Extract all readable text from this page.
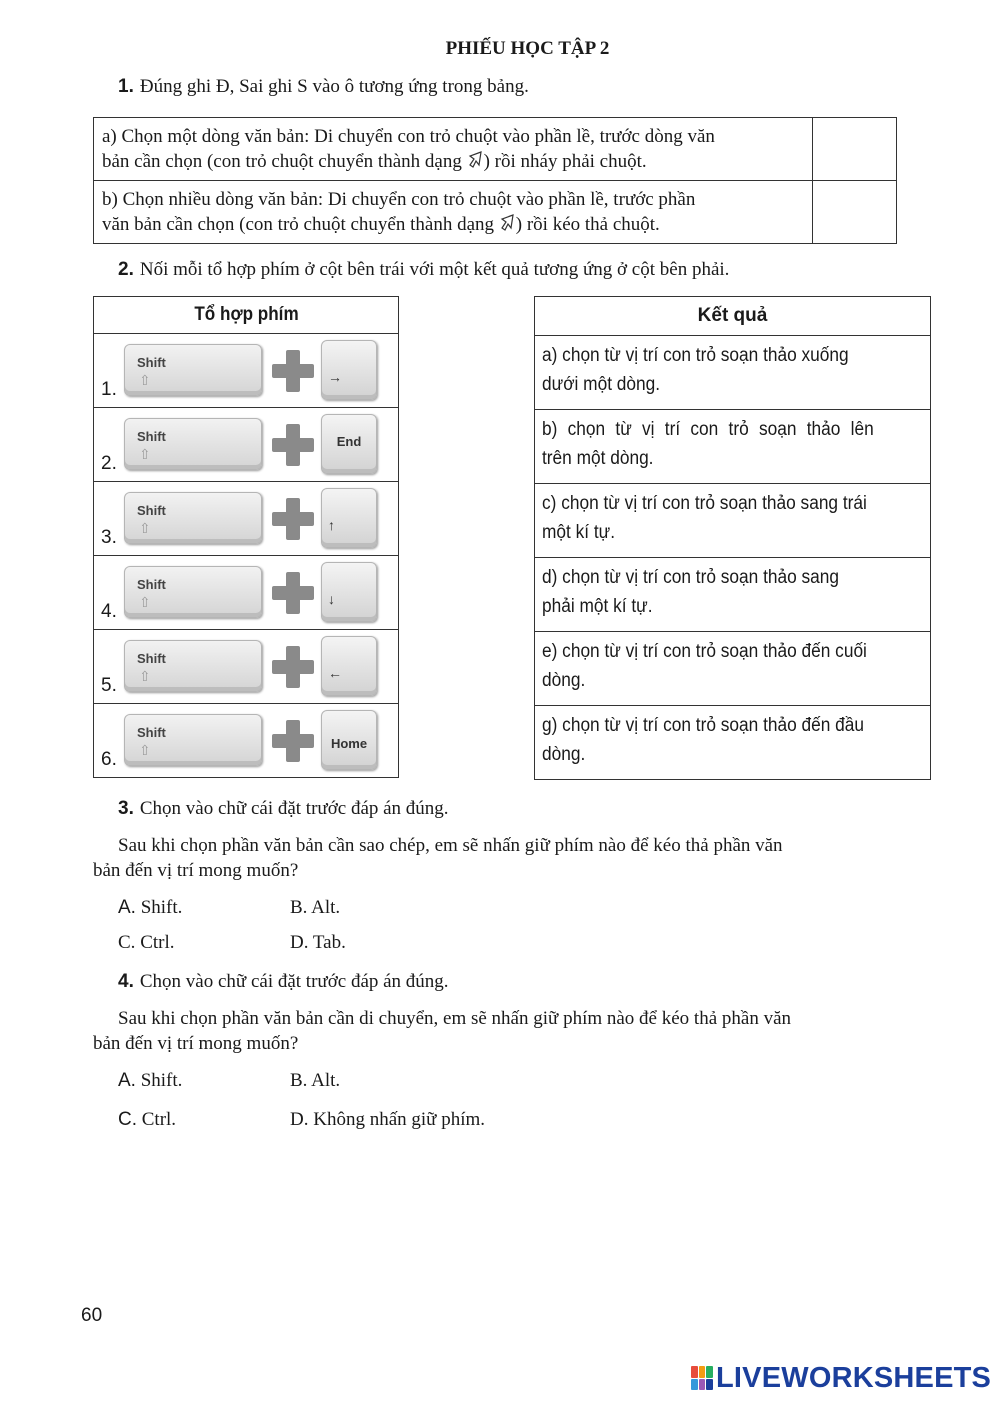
PHIẾU HỌC TẬP 2
1. Đúng ghi Đ, Sai ghi S vào ô tương ứng trong bảng.
a) Chọn một dòng văn bản: Di chuyển con trỏ chuột vào phần lề, trước dòng văn
bản cần chọn (con trỏ chuột chuyển thành dạng ) rồi nháy phải chuột.	
b) Chọn nhiều dòng văn bản: Di chuyển con trỏ chuột vào phần lề, trước phần
văn bản cần chọn (con trỏ chuột chuyển thành dạng ) rồi kéo thả chuột.	
2. Nối mỗi tổ hợp phím ở cột bên trái với một kết quả tương ứng ở cột bên phải.
Tổ hợp phím

1.
Shift
⇧	→

2.
Shift
⇧
End

3.
Shift
⇧	↑

4.
Shift
⇧	↓

5.
Shift
⇧	←

6.
Shift
⇧
Home
Kết quả

a) chọn từ vị trí con trỏ soạn thảo xuống
dưới một dòng.

b) chọn từ vị trí con trỏ soạn thảo lên
trên một dòng.

c) chọn từ vị trí con trỏ soạn thảo sang trái
một kí tự.

d) chọn từ vị trí con trỏ soạn thảo sang
phải một kí tự.

e) chọn từ vị trí con trỏ soạn thảo đến cuối
dòng.

g) chọn từ vị trí con trỏ soạn thảo đến đầu
dòng.
3. Chọn vào chữ cái đặt trước đáp án đúng.
Sau khi chọn phần văn bản cần sao chép, em sẽ nhấn giữ phím nào để kéo thả phần văn
bản đến vị trí mong muốn?
A. Shift.	B. Alt.
C. Ctrl.	D. Tab.
4. Chọn vào chữ cái đặt trước đáp án đúng.
Sau khi chọn phần văn bản cần di chuyển, em sẽ nhấn giữ phím nào để kéo thả phần văn
bản đến vị trí mong muốn?
A. Shift.	B. Alt.
C. Ctrl.	D. Không nhấn giữ phím.
60
LIVEWORKSHEETS
